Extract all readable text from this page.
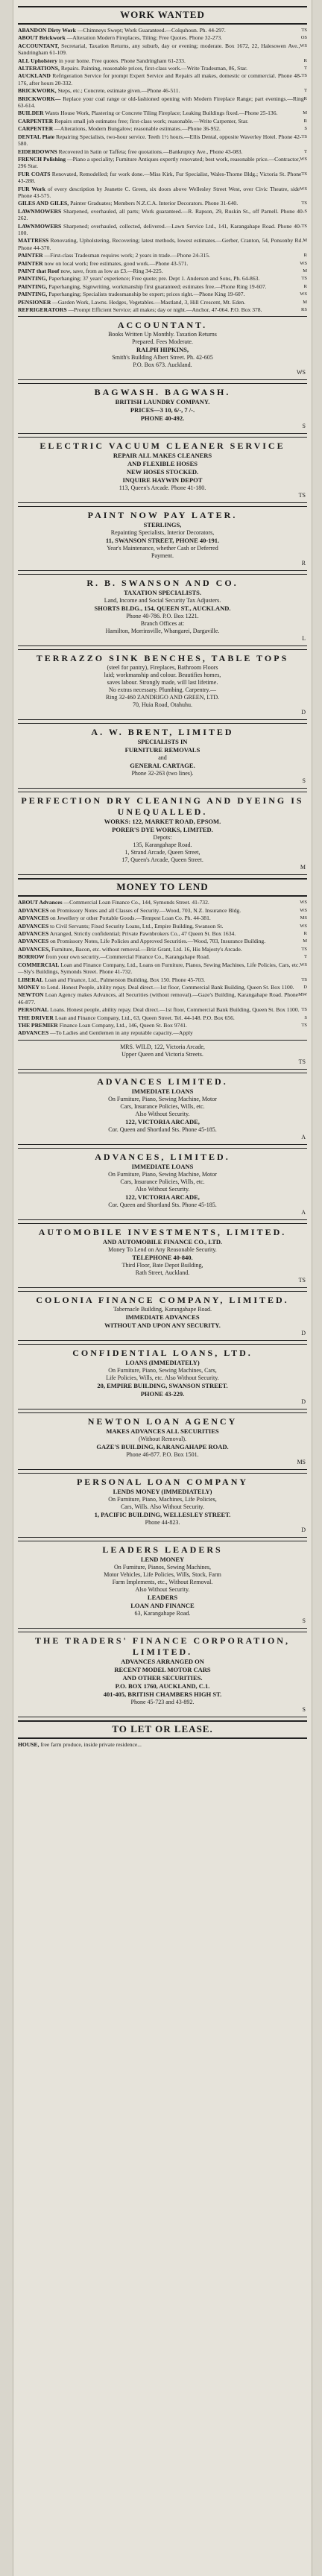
WORK WANTED

TS
ABANDON Dirty Work —Chimneys Swept; Work Guaranteed.—Colquhoun. Ph. 44-297.

OS
ABOUT Brickwork —Alteration Modern Fireplaces, Tiling; Free Quotes. Phone 32-273.

WS
ACCOUNTANT, Secretarial, Taxation Returns, any suburb, day or evening; moderate. Box 1672, 22, Halesowen Ave., Sandringham 61-109.

R
ALL Upholstery in your home. Free quotes. Phone Sandringham 61-233.

T
ALTERATIONS, Repairs. Painting, reasonable prices, first-class work.—Write Tradesman, 86, Star.

TS
AUCKLAND Refrigeration Service for prompt Expert Service and Repairs all makes, domestic or commercial. Phone 48-176, after hours 20-332.

T
BRICKWORK, Steps, etc.; Concrete, estimate given.—Phone 46-511.

R
BRICKWORK— Replace your coal range or old-fashioned opening with Modern Fireplace Range; part evenings.—Ring 63-614.

M
BUILDER Wants House Work, Plastering or Concrete Tiling Fireplace; Leaking Buildings fixed.—Phone 25-136.

R
CARPENTER Repairs small job estimates free; first-class work; reasonable.—Write Carpenter, Star.

S
CARPENTER —Alterations, Modern Bungalow; reasonable estimates.—Phone 36-952.

TS
DENTAL Plate Repairing Specialists, two-hour service. Teeth 1½ hours.—Ellis Dental, opposite Waverley Hotel. Phone 42-580.

T
EIDERDOWNS Recovered in Satin or Taffeta; free quotations.—Bankruptcy Ave., Phone 43-083.

WS
FRENCH Polishing —Piano a speciality; Furniture Antiques expertly renovated; best work, reasonable price.—Contractor, 296 Star.

TS
FUR COATS Renovated, Remodelled; fur work done.—Miss Kirk, Fur Specialist, Wales-Thorne Bldg.; Victoria St. Phone 43-288.

WS
FUR Work of every description by Jeanette C. Green, six doors above Wellesley Street West, over Civic Theatre, side Phone 43-575.

TS
GILES AND GILES, Painter Graduates; Members N.Z.C.A. Interior Decorators. Phone 31-640.

S
LAWNMOWERS Sharpened, overhauled, all parts; Work guaranteed.—R. Rapson, 29, Ruskin St., off Parnell. Phone 40-262.

TS
LAWNMOWERS Sharpened; overhauled, collected, delivered.—Lawn Service Ltd., 141, Karangahape Road. Phone 40-100.

M
MATTRESS Renovating, Upholstering, Recovering; latest methods, lowest estimates.—Gerber, Cranton, 54, Ponsonby Rd. Phone 44-370.

R
PAINTER —First-class Tradesman requires work; 2 years in trade.—Phone 24-315.

WS
PAINTER now on local work; free estimates, good work.—Phone 43-571.

M
PAINT that Roof now, save, from as low as £3.—Ring 34-225.

TS
PAINTING, Paperhanging; 37 years' experience; Free quote; pre. Dept 1. Anderson and Sons, Ph. 64-863.

R
PAINTING, Paperhanging, Signwriting, workmanship first guaranteed; estimates free.—Phone Ring 19-607.

WS
PAINTING, Paperhanging; Specialists tradesmanship be expert; prices right.—Phone King 19-607.

M
PENSIONER —Garden Work, Lawns. Hedges, Vegetables.—Mastland, 3, Hill Crescent, Mt. Eden.

RS
REFRIGERATORS —Prompt Efficient Service; all makes; day or night.—Anchor, 47-064. P.O. Box 378.

ACCOUNTANT.
Books Written Up Monthly. Taxation Returns
Prepared. Fees Moderate.
RALPH HIPKINS,
Smith's Building Albert Street. Ph. 42-605
P.O. Box 673. Auckland.
WS
BAGWASH. BAGWASH.
BRITISH LAUNDRY COMPANY.
PRICES—3 10, 6/-, 7 /-.
PHONE 40-492.
S
ELECTRIC VACUUM CLEANER SERVICE
REPAIR ALL MAKES CLEANERS
AND FLEXIBLE HOSES
NEW HOSES STOCKED.
INQUIRE HAYWIN DEPOT
113, Queen's Arcade. Phone 41-180.
TS
PAINT NOW PAY LATER.
STERLINGS,
Repainting Specialists, Interior Decorators,
11, SWANSON STREET, PHONE 40-191.
Year's Maintenance, whether Cash or Deferred
Payment.
R
R. B. SWANSON AND CO.
TAXATION SPECIALISTS.
Land, Income and Social Security Tax Adjusters.
SHORTS BLDG., 154, QUEEN ST., AUCKLAND.
Phone 40-786. P.O. Box 1221.
Branch Offices at:
Hamilton, Morrinsville, Whangarei, Dargaville.
L
TERRAZZO SINK BENCHES, TABLE TOPS
(steel for pantry), Fireplaces, Bathroom Floors
laid; workmanship and colour. Beautifies homes,
saves labour. Strongly made, will last lifetime.
No extras necessary. Plumbing. Carpentry.—
Ring 32-460 ZANDRIGO AND GREEN, LTD.
70, Huia Road, Otahuhu.
D
A. W. BRENT, LIMITED
SPECIALISTS IN
FURNITURE REMOVALS
and
GENERAL CARTAGE.
Phone 32-263 (two lines).
S
PERFECTION DRY CLEANING AND DYEING IS UNEQUALLED.
WORKS: 122, MARKET ROAD, EPSOM.
PORER'S DYE WORKS, LIMITED.
Depots:
135, Karangahape Road.
1, Strand Arcade, Queen Street,
17, Queen's Arcade, Queen Street.
M
MONEY TO LEND

WS
ABOUT Advances —Commercial Loan Finance Co., 144, Symonds Street. 41-732.

WS
ADVANCES on Promissory Notes and all Classes of Security.—Wood, 703, N.Z. Insurance Bldg.

MS
ADVANCES on Jewellery or other Portable Goods.—Tempest Loan Co. Ph. 44-381.

WS
ADVANCES to Civil Servants; Fixed Security Loans, Ltd., Empire Building, Swanson St.

R
ADVANCES Arranged, Strictly confidential; Private Pawnbrokers Co., 47 Queen St. Box 1634.

M
ADVANCES on Promissory Notes, Life Policies and Approved Securities.—Wood, 703, Insurance Building.

TS
ADVANCES, Furniture, Bacon, etc. without removal.—Briz Grant, Ltd. 16, His Majesty's Arcade.

T
BORROW from your own security.—Commercial Finance Co., Karangahape Road.

WS
COMMERCIAL Loan and Finance Company, Ltd., Loans on Furniture, Pianos, Sewing Machines, Life Policies, Cars, etc.—Sly's Buildings, Symonds Street. Phone 41-732.

TS
LIBERAL Loan and Finance, Ltd., Palmerston Building, Box 150. Phone 45-703.

D
MONEY to Lend. Honest People, ability repay. Deal direct.—1st floor, Commercial Bank Building, Queen St. Box 1100.

MW
NEWTON Loan Agency makes Advances, all Securities (without removal).—Gaze's Building, Karangahape Road. Phone 46-877.

TS
PERSONAL Loans. Honest people, ability repay. Deal direct.—1st floor, Commercial Bank Building, Queen St. Box 1100.

S
THE DRIVER Loan and Finance Company, Ltd., 63, Queen Street. Tel. 44-148. P.O. Box 656.

TS
THE PREMIER Finance Loan Company, Ltd., 146, Queen St. Box 9741.

ADVANCES —To Ladies and Gentlemen in any reputable capacity.—Apply

MRS. WILD, 122, Victoria Arcade,
Upper Queen and Victoria Streets.
TS
ADVANCES LIMITED.
IMMEDIATE LOANS
On Furniture, Piano, Sewing Machine, Motor
Cars, Insurance Policies, Wills, etc.
Also Without Security.
122, VICTORIA ARCADE,
Cor. Queen and Shortland Sts. Phone 45-185.
A
ADVANCES, LIMITED.
IMMEDIATE LOANS
On Furniture, Piano, Sewing Machine, Motor
Cars, Insurance Policies, Wills, etc.
Also Without Security.
122, VICTORIA ARCADE,
Cor. Queen and Shortland Sts. Phone 45-185.
A
AUTOMOBILE INVESTMENTS, LIMITED.
AND AUTOMOBILE FINANCE CO., LTD.
Money To Lend on Any Reasonable Security.
TELEPHONE 40-840.
Third Floor, Bate Depot Building,
Rath Street, Auckland.
TS
COLONIA FINANCE COMPANY, LIMITED.
Tabernacle Building, Karangahape Road.
IMMEDIATE ADVANCES
WITHOUT AND UPON ANY SECURITY.
D
CONFIDENTIAL LOANS, LTD.
LOANS (IMMEDIATELY)
On Furniture, Piano, Sewing Machines, Cars,
Life Policies, Wills, etc. Also Without Security.
20, EMPIRE BUILDING, SWANSON STREET.
PHONE 43-229.
D
NEWTON LOAN AGENCY
MAKES ADVANCES ALL SECURITIES
(Without Removal).
GAZE'S BUILDING, KARANGAHAPE ROAD.
Phone 46-877. P.O. Box 1501.
MS
PERSONAL LOAN COMPANY
LENDS MONEY (IMMEDIATELY)
On Furniture, Piano, Machines, Life Policies,
Cars, Wills. Also Without Security.
1, PACIFIC BUILDING, WELLESLEY STREET.
Phone 44-823.
D
LEADERS LEADERS
LEND MONEY
On Furniture, Pianos, Sewing Machines,
Motor Vehicles, Life Policies, Wills, Stock, Farm
Farm Implements, etc., Without Removal.
Also Without Security.
LEADERS
LOAN AND FINANCE
63, Karangahape Road.
S
THE TRADERS' FINANCE CORPORATION, LIMITED.
ADVANCES ARRANGED ON
RECENT MODEL MOTOR CARS
AND OTHER SECURITIES.
P.O. BOX 1760, AUCKLAND, C.1.
401-405, BRITISH CHAMBERS HIGH ST.
Phone 45-723 and 43-892.
S
TO LET OR LEASE.

HOUSE, free farm produce, inside private residence...
